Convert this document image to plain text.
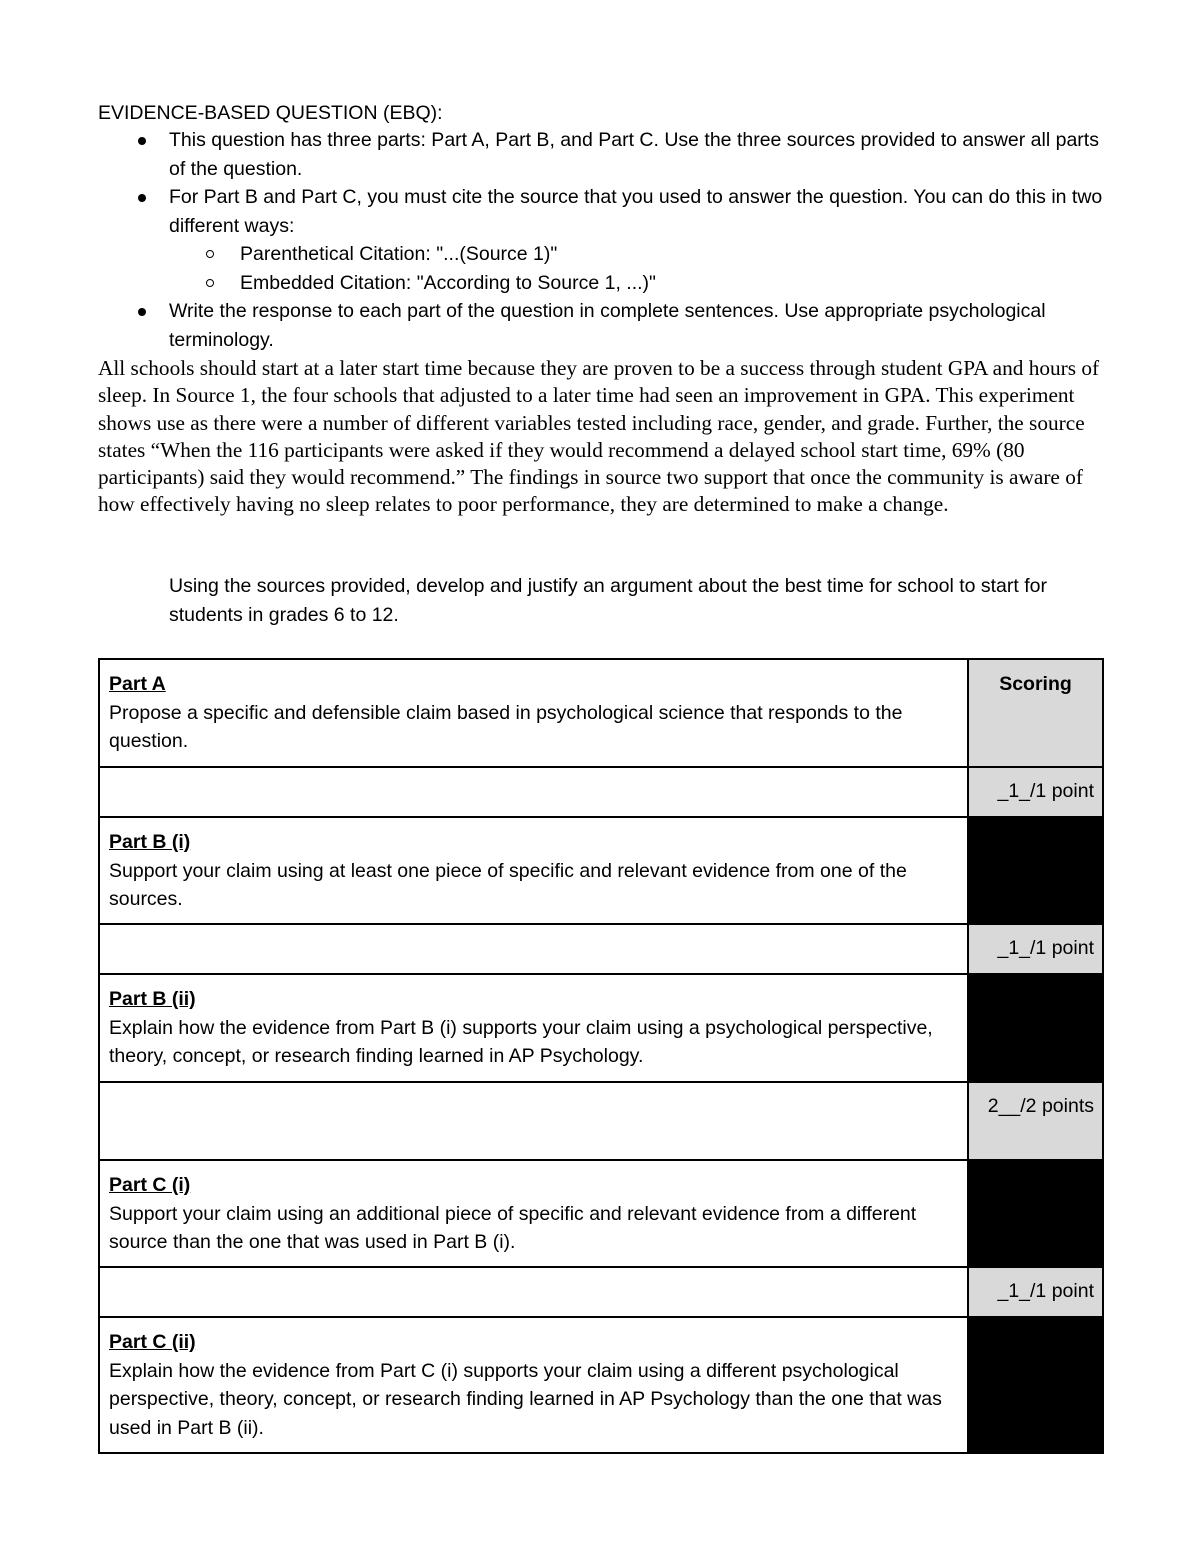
EVIDENCE-BASED QUESTION (EBQ):
This question has three parts: Part A, Part B, and Part C. Use the three sources provided to answer all parts of the question.
For Part B and Part C, you must cite the source that you used to answer the question. You can do this in two different ways:
Parenthetical Citation: "...(Source 1)"
Embedded Citation: "According to Source 1, ...)"
Write the response to each part of the question in complete sentences. Use appropriate psychological terminology.
All schools should start at a later start time because they are proven to be a success through student GPA and hours of sleep. In Source 1, the four schools that adjusted to a later time had seen an improvement in GPA. This experiment shows use as there were a number of different variables tested including race, gender, and grade. Further, the source states “When the 116 participants were asked if they would recommend a delayed school start time, 69% (80 participants) said they would recommend.” The findings in source two support that once the community is aware of how effectively having no sleep relates to poor performance, they are determined to make a change.
Using the sources provided, develop and justify an argument about the best time for school to start for students in grades 6 to 12.
Part A
Propose a specific and defensible claim based in psychological science that responds to the question.	Scoring
	_1_/1 point

Part B (i)
Support your claim using at least one piece of specific and relevant evidence from one of the sources.	
	_1_/1 point

Part B (ii)
Explain how the evidence from Part B (i) supports your claim using a psychological perspective, theory, concept, or research finding learned in AP Psychology.	
	2__/2 points

Part C (i)
Support your claim using an additional piece of specific and relevant evidence from a different source than the one that was used in Part B (i).	
	_1_/1 point

Part C (ii)
Explain how the evidence from Part C (i) supports your claim using a different psychological perspective, theory, concept, or research finding learned in AP Psychology than the one that was used in Part B (ii).	
